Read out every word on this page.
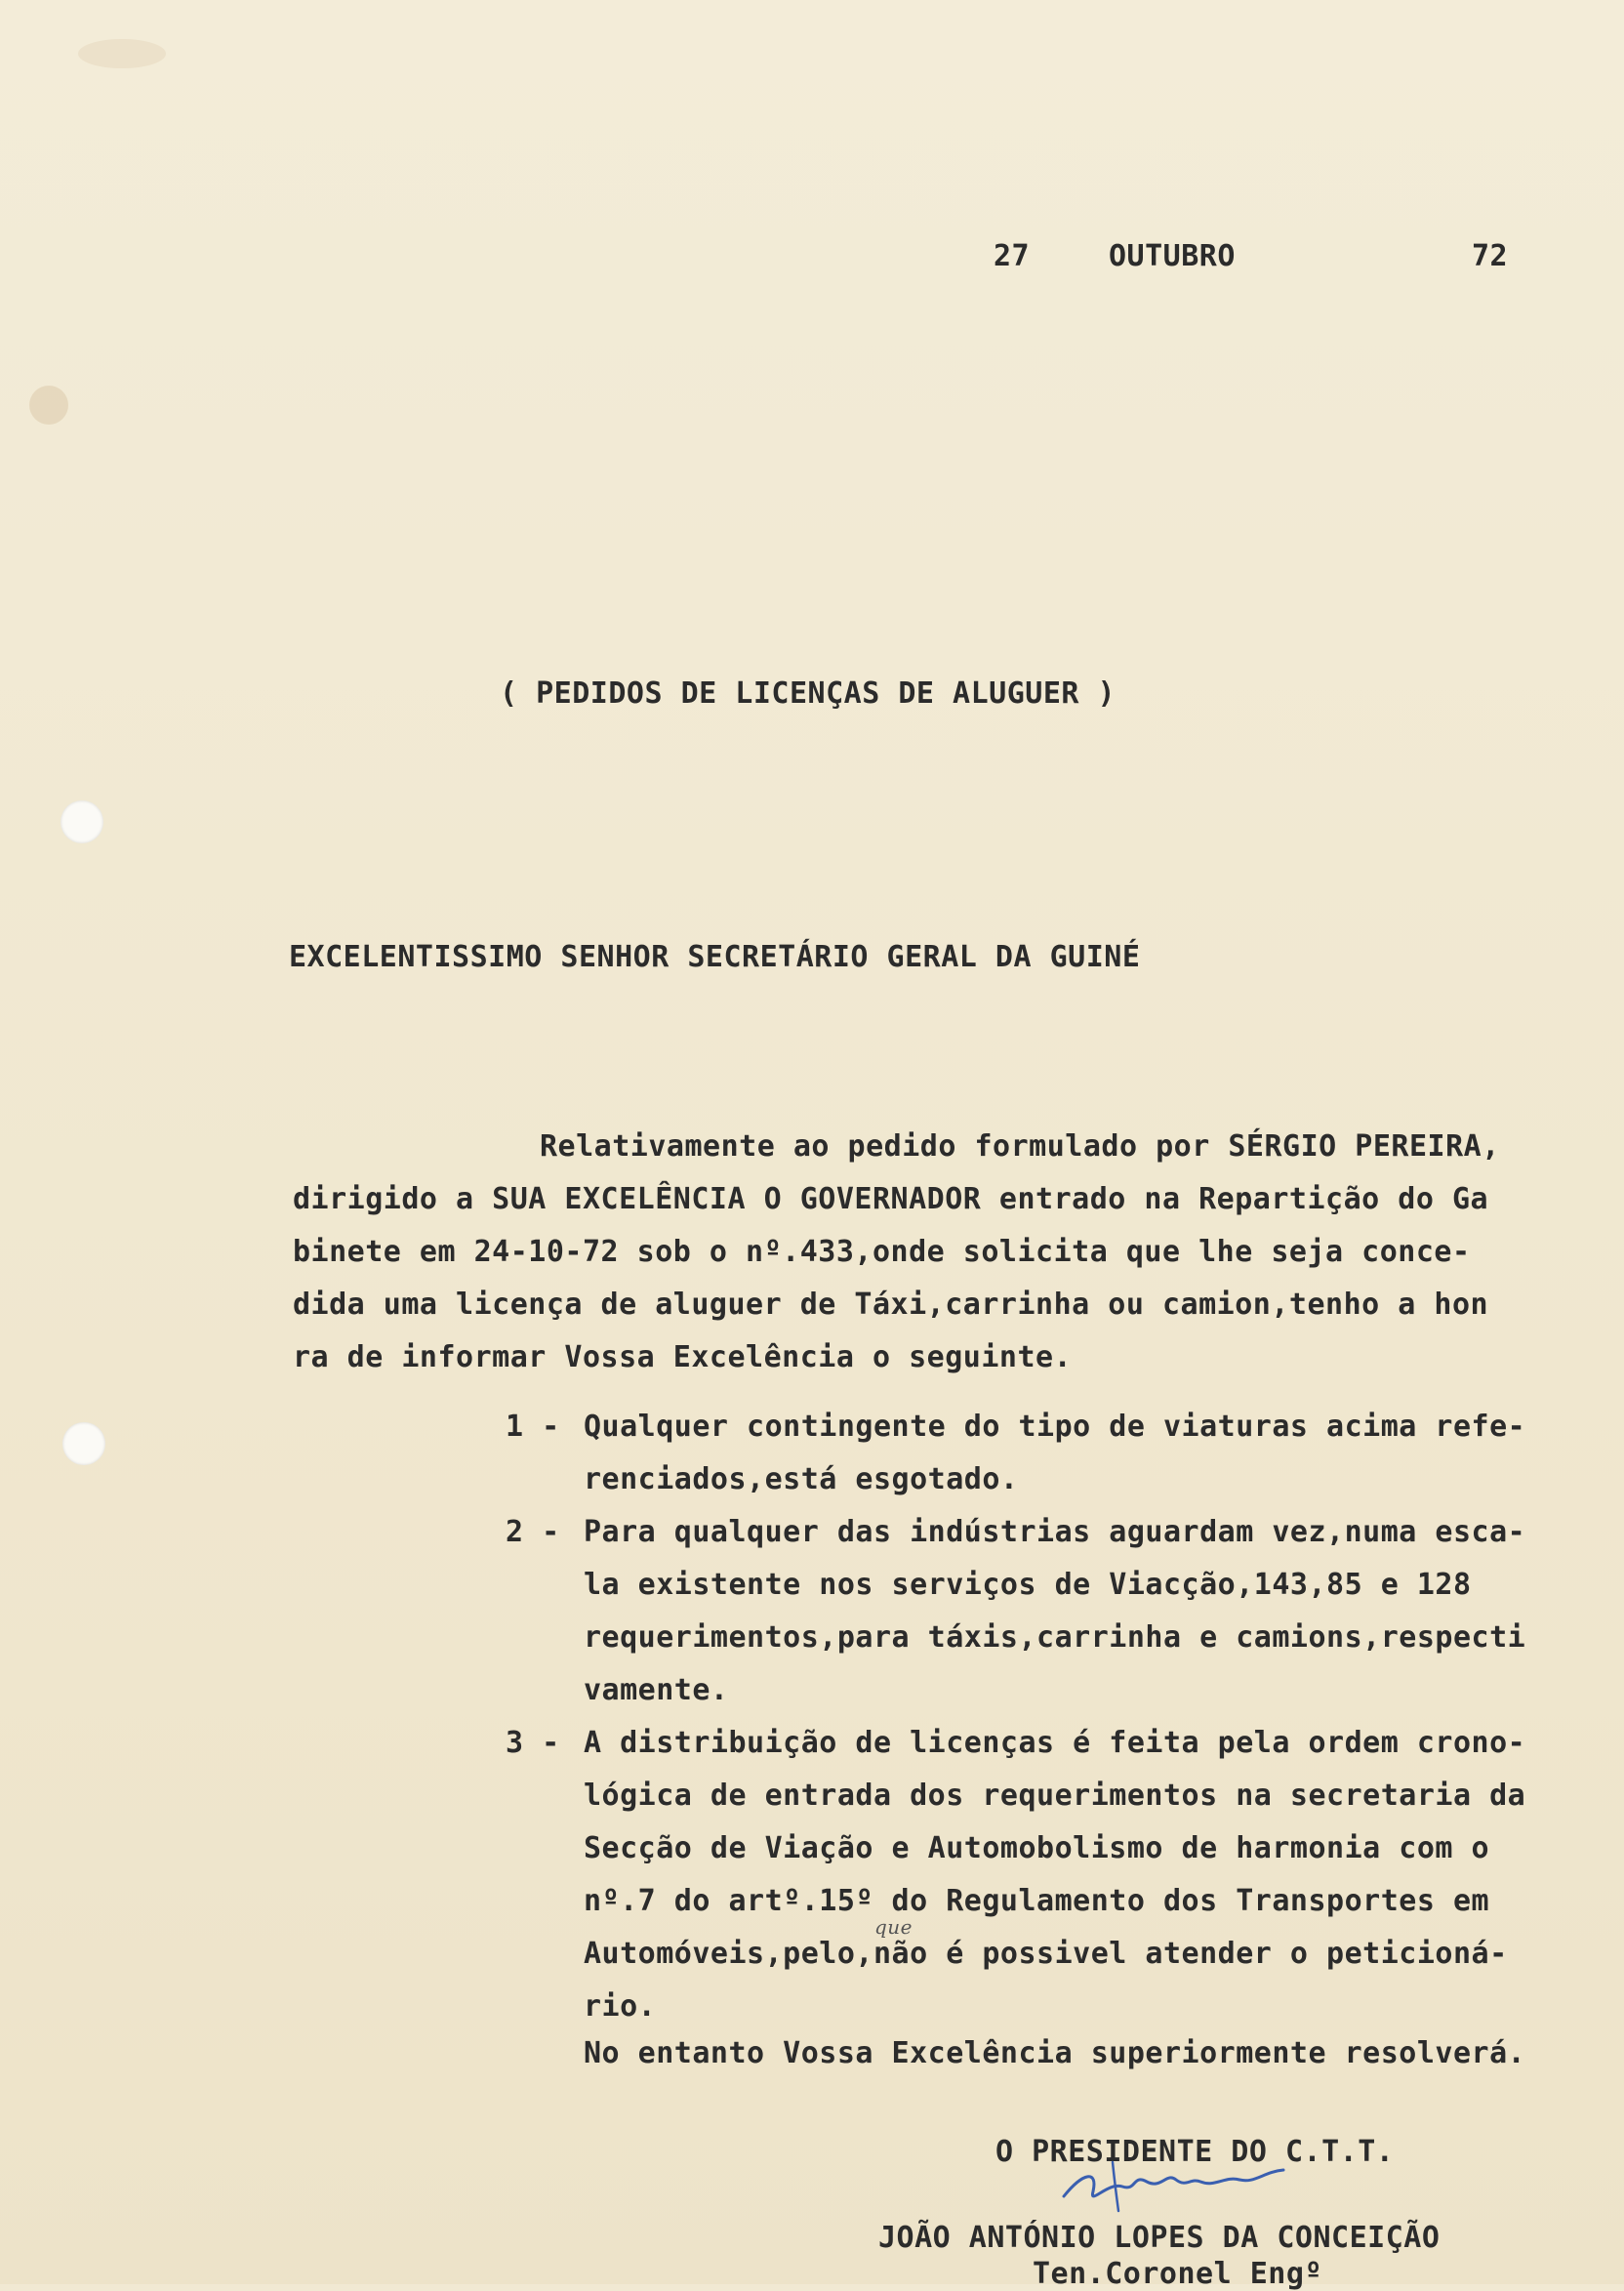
27	OUTUBRO	72
( PEDIDOS DE LICENÇAS DE ALUGUER )
EXCELENTISSIMO SENHOR SECRETÁRIO GERAL DA GUINÉ
Relativamente ao pedido formulado por SÉRGIO PEREIRA,
dirigido a SUA EXCELÊNCIA O GOVERNADOR entrado na Repartição do Ga
binete em 24-10-72 sob o nº.433,onde solicita que lhe seja conce-
dida uma licença de aluguer de Táxi,carrinha ou camion,tenho a hon
ra de informar Vossa Excelência o seguinte.
1 - Qualquer contingente do tipo de viaturas acima refe-
renciados,está esgotado.
2 - Para qualquer das indústrias aguardam vez,numa esca-
la existente nos serviços de Viacção,143,85 e 128
requerimentos,para táxis,carrinha e camions,respecti
vamente.
3 - A distribuição de licenças é feita pela ordem crono-
lógica de entrada dos requerimentos na secretaria da
Secção de Viação e Automobolismo de harmonia com o
nº.7 do artº.15º do Regulamento dos Transportes em
Automóveis,pelo,não é possivel atender o peticioná-
rio.
que
No entanto Vossa Excelência superiormente resolverá.
O PRESIDENTE DO C.T.T.
JOÃO ANTÓNIO LOPES DA CONCEIÇÃO
Ten.Coronel Engº
